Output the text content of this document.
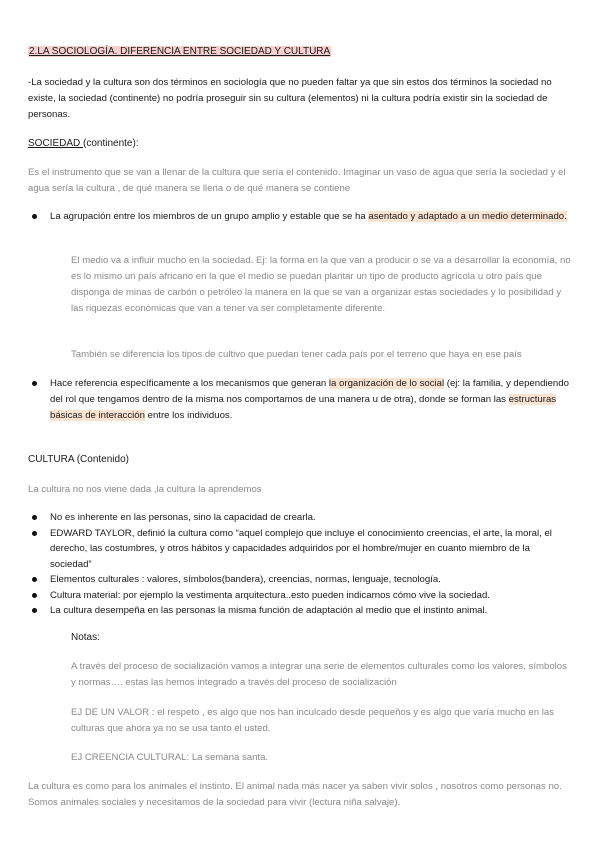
2.LA SOCIOLOGÍA. DIFERENCIA ENTRE SOCIEDAD Y CULTURA
-La sociedad y la cultura son dos términos en sociología que no pueden faltar ya que sin estos dos términos la sociedad no existe, la sociedad (continente) no podría proseguir sin su cultura (elementos) ni la cultura podría existir sin la sociedad de personas.
SOCIEDAD (continente):
Es el instrumento que se van a llenar de la cultura que sería el contenido. Imaginar un vaso de agua que sería la sociedad y el agua sería la cultura , de qué manera se llena o de qué manera se contiene
La agrupación entre los miembros de un grupo amplio y estable que se ha asentado y adaptado a un medio determinado.
El medio va a influir mucho en la sociedad. Ej: la forma en la que van a producir o se va a desarrollar la economía, no es lo mismo un país africano en la que el medio se puedan plantar un tipo de producto agrícola u otro país que disponga de minas de carbón o petróleo la manera en la que se van a organizar estas sociedades y lo posibilidad y las riquezas económicas que van a tener va ser completamente diferente.
También se diferencia los tipos de cultivo que puedan tener cada país por el terreno que haya en ese país
Hace referencia específicamente a los mecanismos que generan la organización de lo social (ej: la familia, y dependiendo del rol que tengamos dentro de la misma nos comportamos de una manera u de otra), donde se forman las estructuras básicas de interacción entre los individuos.
CULTURA (Contenido)
La cultura no nos viene dada ,la cultura la aprendemos
No es inherente en las personas, sino la capacidad de crearla.
EDWARD TAYLOR, definió la cultura como “aquel complejo que incluye el conocimiento creencias, el arte, la moral, el derecho, las costumbres, y otros hábitos y capacidades adquiridos por el hombre/mujer en cuanto miembro de la sociedad”
Elementos culturales : valores, símbolos(bandera), creencias, normas, lenguaje, tecnología.
Cultura material: por ejemplo la vestimenta arquitectura..esto pueden indicarnos cómo vive la sociedad.
La cultura desempeña en las personas la misma función de adaptación al medio que el instinto animal.
Notas:
A través del proceso de socialización vamos a integrar una serie de elementos culturales como los valores, símbolos y normas…. estas las hemos integrado a través del proceso de socialización
EJ DE UN VALOR : el respeto , es algo que nos han inculcado desde pequeños y es algo que varía mucho en las culturas que ahora ya no se usa tanto el usted.
EJ CREENCIA CULTURAL: La semana santa.
La cultura es como para los animales el instinto. El animal nada más nacer ya saben vivir solos , nosotros como personas no. Somos animales sociales y necesitamos de la sociedad para vivir (lectura niña salvaje).
